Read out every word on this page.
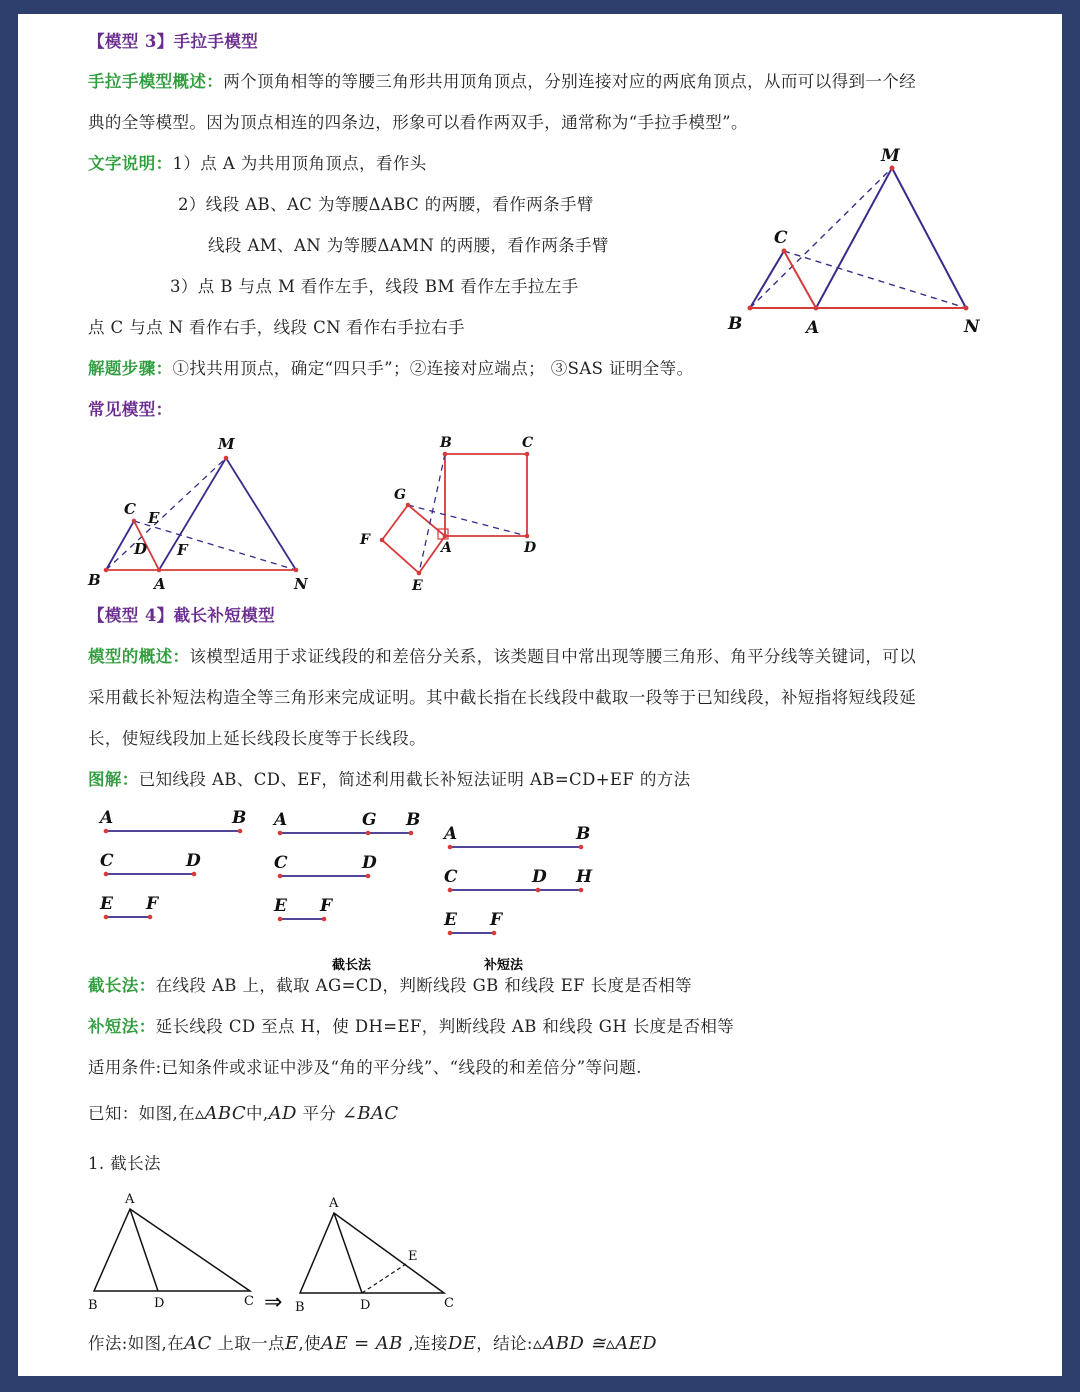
【模型 3】手拉手模型
手拉手模型概述：两个顶角相等的等腰三角形共用顶角顶点，分别连接对应的两底角顶点，从而可以得到一个经
典的全等模型。因为顶点相连的四条边，形象可以看作两双手，通常称为“手拉手模型”。
文字说明：1）点 A 为共用顶角顶点，看作头
2）线段 AB、AC 为等腰ΔABC 的两腰，看作两条手臂
线段 AM、AN 为等腰ΔAMN 的两腰，看作两条手臂
3）点 B 与点 M 看作左手，线段 BM 看作左手拉左手
点 C 与点 N 看作右手，线段 CN 看作右手拉右手
解题步骤：①找共用顶点，确定“四只手”；②连接对应端点； ③SAS 证明全等。
常见模型：
M
C
B	A	N
M
C E
D F
B	A	N
B	C
G
F	A	D
E
【模型 4】截长补短模型
模型的概述：该模型适用于求证线段的和差倍分关系，该类题目中常出现等腰三角形、角平分线等关键词，可以
采用截长补短法构造全等三角形来完成证明。其中截长指在长线段中截取一段等于已知线段，补短指将短线段延
长，使短线段加上延长线段长度等于长线段。
图解：已知线段 AB、CD、EF，简述利用截长补短法证明 AB=CD+EF 的方法
A	B
C	D
E F
A	G B
C	D
E F
截长法
A	B
C	D H
E F
补短法
截长法：在线段 AB 上，截取 AG=CD，判断线段 GB 和线段 EF 长度是否相等
补短法：延长线段 CD 至点 H，使 DH=EF，判断线段 AB 和线段 GH 长度是否相等
适用条件:已知条件或求证中涉及“角的平分线”、“线段的和差倍分”等问题.
已知：如图,在▵ABC中,AD 平分 ∠BAC
1. 截长法
A
B	D	C ⇒
A
E
B	D	C
作法:如图,在AC 上取一点E,使AE = AB ,连接DE，结论:▵ABD ≅▵AED
